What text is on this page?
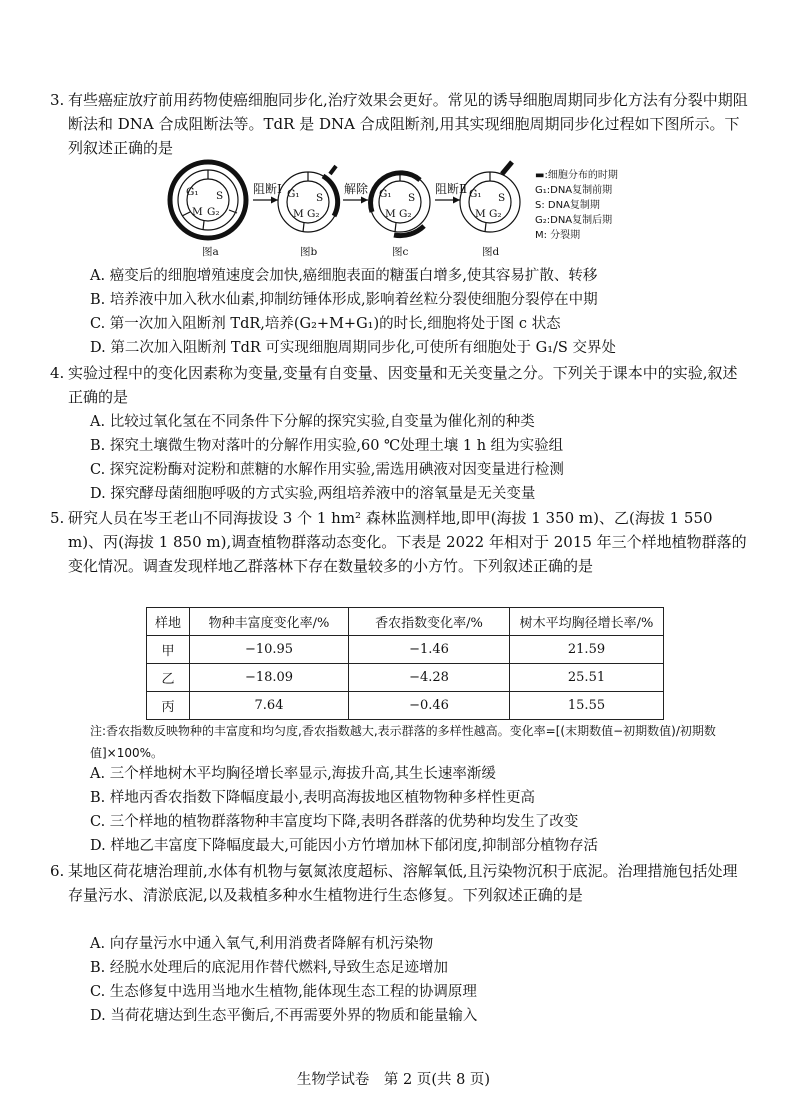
3. 有些癌症放疗前用药物使癌细胞同步化,治疗效果会更好。常见的诱导细胞周期同步化方法有分裂中期阻断法和 DNA 合成阻断法等。TdR 是 DNA 合成阻断剂,用其实现细胞周期同步化过程如下图所示。下列叙述正确的是
G₁ S
M G₂
G₁ S
M G₂
G₁ S
M G₂
G₁ S
M G₂
阻断Ⅰ	解除	阻断Ⅱ
图a	图b	图c	图d
▬:细胞分布的时期
G₁:DNA复制前期
S: DNA复制期
G₂:DNA复制后期
M: 分裂期
A. 癌变后的细胞增殖速度会加快,癌细胞表面的糖蛋白增多,使其容易扩散、转移
B. 培养液中加入秋水仙素,抑制纺锤体形成,影响着丝粒分裂使细胞分裂停在中期
C. 第一次加入阻断剂 TdR,培养(G₂+M+G₁)的时长,细胞将处于图 c 状态
D. 第二次加入阻断剂 TdR 可实现细胞周期同步化,可使所有细胞处于 G₁/S 交界处
4. 实验过程中的变化因素称为变量,变量有自变量、因变量和无关变量之分。下列关于课本中的实验,叙述正确的是
A. 比较过氧化氢在不同条件下分解的探究实验,自变量为催化剂的种类
B. 探究土壤微生物对落叶的分解作用实验,60 ℃处理土壤 1 h 组为实验组
C. 探究淀粉酶对淀粉和蔗糖的水解作用实验,需选用碘液对因变量进行检测
D. 探究酵母菌细胞呼吸的方式实验,两组培养液中的溶氧量是无关变量
5. 研究人员在岑王老山不同海拔设 3 个 1 hm² 森林监测样地,即甲(海拔 1 350 m)、乙(海拔 1 550 m)、丙(海拔 1 850 m),调查植物群落动态变化。下表是 2022 年相对于 2015 年三个样地植物群落的变化情况。调查发现样地乙群落林下存在数量较多的小方竹。下列叙述正确的是
样地	物种丰富度变化率/%	香农指数变化率/%	树木平均胸径增长率/%
甲	−10.95	−1.46	21.59
乙	−18.09	−4.28	25.51
丙	7.64	−0.46	15.55
注:香农指数反映物种的丰富度和均匀度,香农指数越大,表示群落的多样性越高。变化率=[(末期数值−初期数值)/初期数值]×100%。
A. 三个样地树木平均胸径增长率显示,海拔升高,其生长速率渐缓
B. 样地丙香农指数下降幅度最小,表明高海拔地区植物物种多样性更高
C. 三个样地的植物群落物种丰富度均下降,表明各群落的优势种均发生了改变
D. 样地乙丰富度下降幅度最大,可能因小方竹增加林下郁闭度,抑制部分植物存活
6. 某地区荷花塘治理前,水体有机物与氨氮浓度超标、溶解氧低,且污染物沉积于底泥。治理措施包括处理存量污水、清淤底泥,以及栽植多种水生植物进行生态修复。下列叙述正确的是
A. 向存量污水中通入氧气,利用消费者降解有机污染物
B. 经脱水处理后的底泥用作替代燃料,导致生态足迹增加
C. 生态修复中选用当地水生植物,能体现生态工程的协调原理
D. 当荷花塘达到生态平衡后,不再需要外界的物质和能量输入
生物学试卷　第 2 页(共 8 页)
